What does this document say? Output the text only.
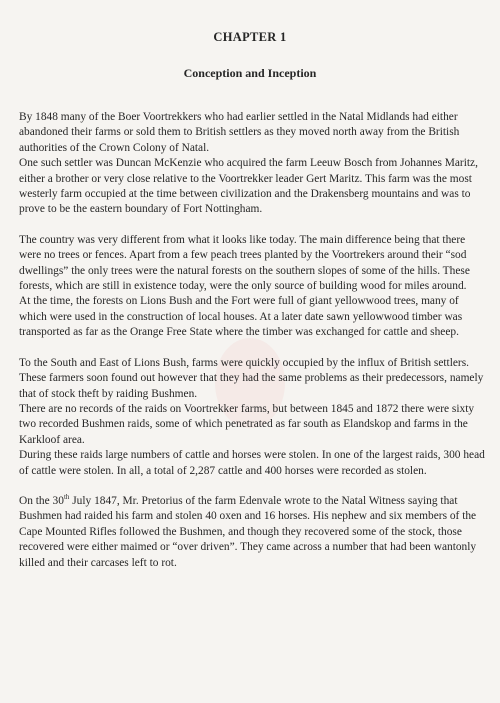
CHAPTER 1
Conception and Inception

By 1848 many of the Boer Voortrekkers who had earlier settled in the Natal Midlands had either abandoned their farms or sold them to British settlers as they moved north away from the British authorities of the Crown Colony of Natal.

One such settler was Duncan McKenzie who acquired the farm Leeuw Bosch from Johannes Maritz, either a brother or very close relative to the Voortrekker leader Gert Maritz. This farm was the most westerly farm occupied at the time between civilization and the Drakensberg mountains and was to prove to be the eastern boundary of Fort Nottingham.

The country was very different from what it looks like today. The main difference being that there were no trees or fences. Apart from a few peach trees planted by the Voortrekers around their “sod dwellings” the only trees were the natural forests on the southern slopes of some of the hills. These forests, which are still in existence today, were the only source of building wood for miles around.

At the time, the forests on Lions Bush and the Fort were full of giant yellowwood trees, many of which were used in the construction of local houses. At a later date sawn yellowwood timber was transported as far as the Orange Free State where the timber was exchanged for cattle and sheep.

To the South and East of Lions Bush, farms were quickly occupied by the influx of British settlers. These farmers soon found out however that they had the same problems as their predecessors, namely that of stock theft by raiding Bushmen.

There are no records of the raids on Voortrekker farms, but between 1845 and 1872 there were sixty two recorded Bushmen raids, some of which penetrated as far south as Elandskop and farms in the Karkloof area.

During these raids large numbers of cattle and horses were stolen. In one of the largest raids, 300 head of cattle were stolen. In all, a total of 2,287 cattle and 400 horses were recorded as stolen.

On the 30th July 1847, Mr. Pretorius of the farm Edenvale wrote to the Natal Witness saying that Bushmen had raided his farm and stolen 40 oxen and 16 horses. His nephew and six members of the Cape Mounted Rifles followed the Bushmen, and though they recovered some of the stock, those recovered were either maimed or “over driven”. They came across a number that had been wantonly killed and their carcases left to rot.
